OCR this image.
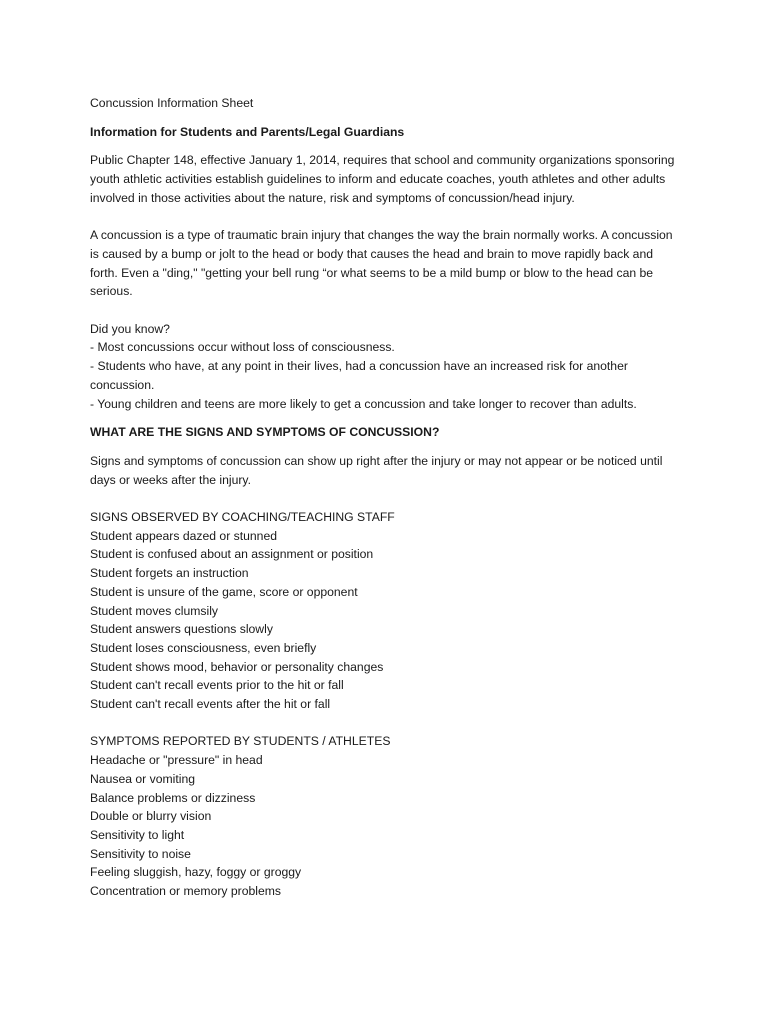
Concussion Information Sheet

Information for Students and Parents/Legal Guardians

Public Chapter 148, effective January 1, 2014, requires that school and community organizations sponsoring youth athletic activities establish guidelines to inform and educate coaches, youth athletes and other adults involved in those activities about the nature, risk and symptoms of concussion/head injury.

A concussion is a type of traumatic brain injury that changes the way the brain normally works. A concussion is caused by a bump or jolt to the head or body that causes the head and brain to move rapidly back and forth. Even a "ding," "getting your bell rung “or what seems to be a mild bump or blow to the head can be serious.

Did you know?

- Most concussions occur without loss of consciousness.

- Students who have, at any point in their lives, had a concussion have an increased risk for another concussion.

- Young children and teens are more likely to get a concussion and take longer to recover than adults.

WHAT ARE THE SIGNS AND SYMPTOMS OF CONCUSSION?

Signs and symptoms of concussion can show up right after the injury or may not appear or be noticed until days or weeks after the injury.

SIGNS OBSERVED BY COACHING/TEACHING STAFF

Student appears dazed or stunned
Student is confused about an assignment or position
Student forgets an instruction
Student is unsure of the game, score or opponent
Student moves clumsily
Student answers questions slowly
Student loses consciousness, even briefly
Student shows mood, behavior or personality changes
Student can't recall events prior to the hit or fall
Student can't recall events after the hit or fall

SYMPTOMS REPORTED BY STUDENTS / ATHLETES

Headache or "pressure" in head
Nausea or vomiting
Balance problems or dizziness
Double or blurry vision
Sensitivity to light
Sensitivity to noise
Feeling sluggish, hazy, foggy or groggy
Concentration or memory problems
